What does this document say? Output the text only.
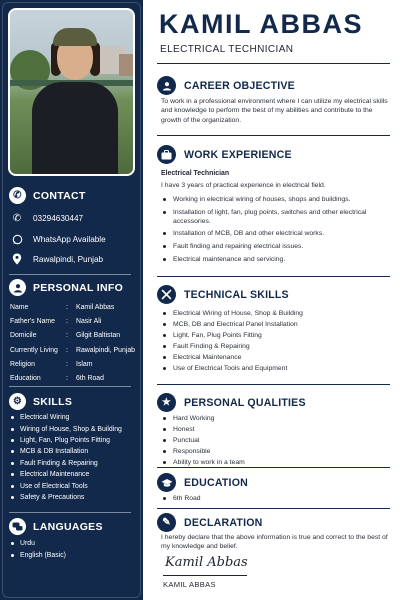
✆	CONTACT
✆ 03294630447
WhatsApp Available
Rawalpindi, Punjab
PERSONAL INFO
Name	:	Kamil Abbas
Father's Name	:	Nasir Ali
Domicile	:	Gilgit Baltistan
Currently Living	:	Rawalpindi, Punjab
Religion	:	Islam
Education	:	6th Road
⚙	SKILLS
Electrical Wiring
Wiring of House, Shop & Building
Light, Fan, Plug Points Fitting
MCB & DB Installation
Fault Finding & Repairing
Electrical Maintenance
Use of Electrical Tools
Safety & Precautions
LANGUAGES
Urdu
English (Basic)
KAMIL ABBAS
ELECTRICAL TECHNICIAN
CAREER OBJECTIVE
To work in a professional environment where I can utilize my electrical skills and knowledge to perform the best of my abilities and contribute to the growth of the organization.
WORK EXPERIENCE
Electrical Technician
I have 3 years of practical experience in electrical field.
Working in electrical wiring of houses, shops and buildings.
Installation of light, fan, plug points, switches and other electrical accessories.
Installation of MCB, DB and other electrical works.
Fault finding and repairing electrical issues.
Electrical maintenance and servicing.
TECHNICAL SKILLS
Electrical Wiring of House, Shop & Building
MCB, DB and Electrical Panel Installation
Light, Fan, Plug Points Fitting
Fault Finding & Repairing
Electrical Maintenance
Use of Electrical Tools and Equipment
★	PERSONAL QUALITIES
Hard Working
Honest
Punctual
Responsible
Ability to work in a team
EDUCATION
6th Road
✎	DECLARATION
I hereby declare that the above information is true and correct to the best of my knowledge and belief.
Kamil Abbas
KAMIL ABBAS
